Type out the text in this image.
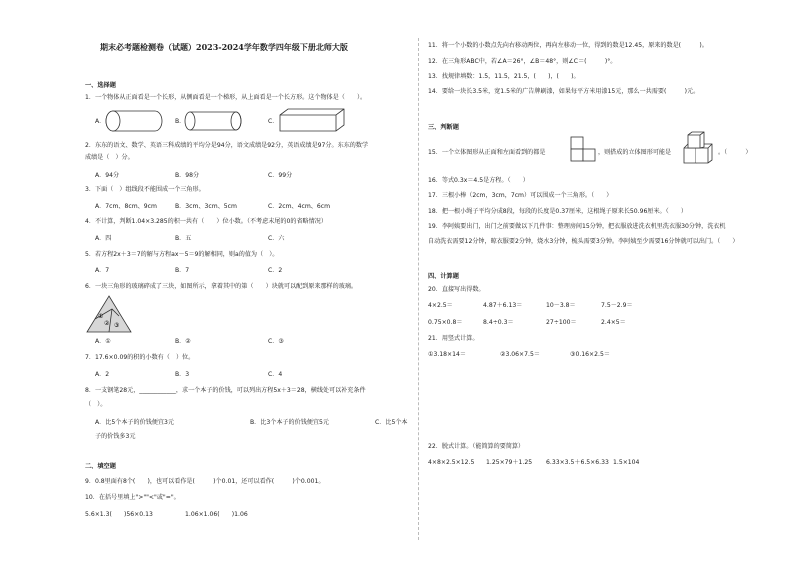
期末必考题检测卷（试题）2023-2024学年数学四年级下册北师大版
一、选择题
1．一个物体从正面看是一个长形，从侧面看是一个梯形，从上面看是一个长方形。这个物体是（　　）。
A．	B．	C．
2．东东的语文、数学、英语三科成绩的平均分是94分，语文成绩是92分，英语成绩是97分。东东的数学
成绩是（　）分。
A．94分	B．98分	C．99分
3．下面（　）组线段不能围成一个三角形。
A．7cm、8cm、9cm	B．3cm、3cm、5cm	C．2cm、4cm、6cm
4．不计算，判断1.04×3.285的积一共有（　　）位小数。（不考虑末尾的0的省略情况）
A．四	B．五	C．六
5．若方程2x＋3＝7的解与方程ax－5＝9的解相同，则a的值为（　）。
A．7	B．7	C．2
6．一块三角形的玻璃碎成了三块，如图所示，拿着其中的第（　　）块就可以配到原来那样的玻璃。
①
② ③
A．①	B．②	C．③
7．17.6×0.09的积的小数有（　）位。
A．2	B．3	C．4
8．一支钢笔28元，____________，求一个本子的价钱，可以列出方程5x＋3＝28，横线处可以补充条件
（　）。
A．比5个本子的价钱便宜3元	B．比3个本子的价钱便宜5元	C．比5个本
子的价钱多3元
二、填空题
9．0.8里面有8个(　　)，也可以看作是(　　　)个0.01，还可以看作(　　　)个0.001。
10．在括号里填上">""<"或"="。
5.6×1.3(　　)56×0.13	1.06×1.06(　　)1.06
11．将一个小数的小数点先向右移动两位，再向左移动一位，得到的数是12.45，原来的数是(　　　)。
12．在三角形ABC中，若∠A＝26°，∠B＝48°，则∠C＝(　　　)°。
13．找规律填数：1.5，11.5，21.5，(　　)，(　　)。
14．要给一块长3.5米，宽1.5米的广告牌刷漆，如果每平方米用漆15元，那么一共需要(　　　)元。
三、判断题
15．一个立体图形从正面和左面看到的都是	，则搭成的立体图形可能是	。（　　　）
16．等式0.3x＝4.5是方程。（　　）
17．三根小棒（2cm，3cm，7cm）可以围成一个三角形。（　　）
18．把一根小绳子平均分成8段，每段的长度是0.37厘米，这根绳子原来长50.96厘米。（　　）
19．李阿姨要出门，出门之前要做以下几件事：整理房间15分钟，把衣服放进洗衣机里洗衣服30分钟，洗衣机
自动洗衣需要12分钟，晾衣服要2分钟，烧水3分钟，梳头需要3分钟。李阿姨至少需要16分钟就可以出门。（　　）
四、计算题
20．直接写出得数。
4×2.5＝	4.87＋6.13＝	10－3.8＝	7.5－2.9＝
0.75×0.8＝	8.4÷0.3＝	27÷100＝	2.4×5＝
21．用竖式计算。
①3.18×14＝	②3.06×7.5＝	③0.16×2.5＝
22．脱式计算。（能简算的要简算）
4×8×2.5×12.5 1.25×79＋1.25 6.33×3.5＋6.5×6.33 1.5×104
